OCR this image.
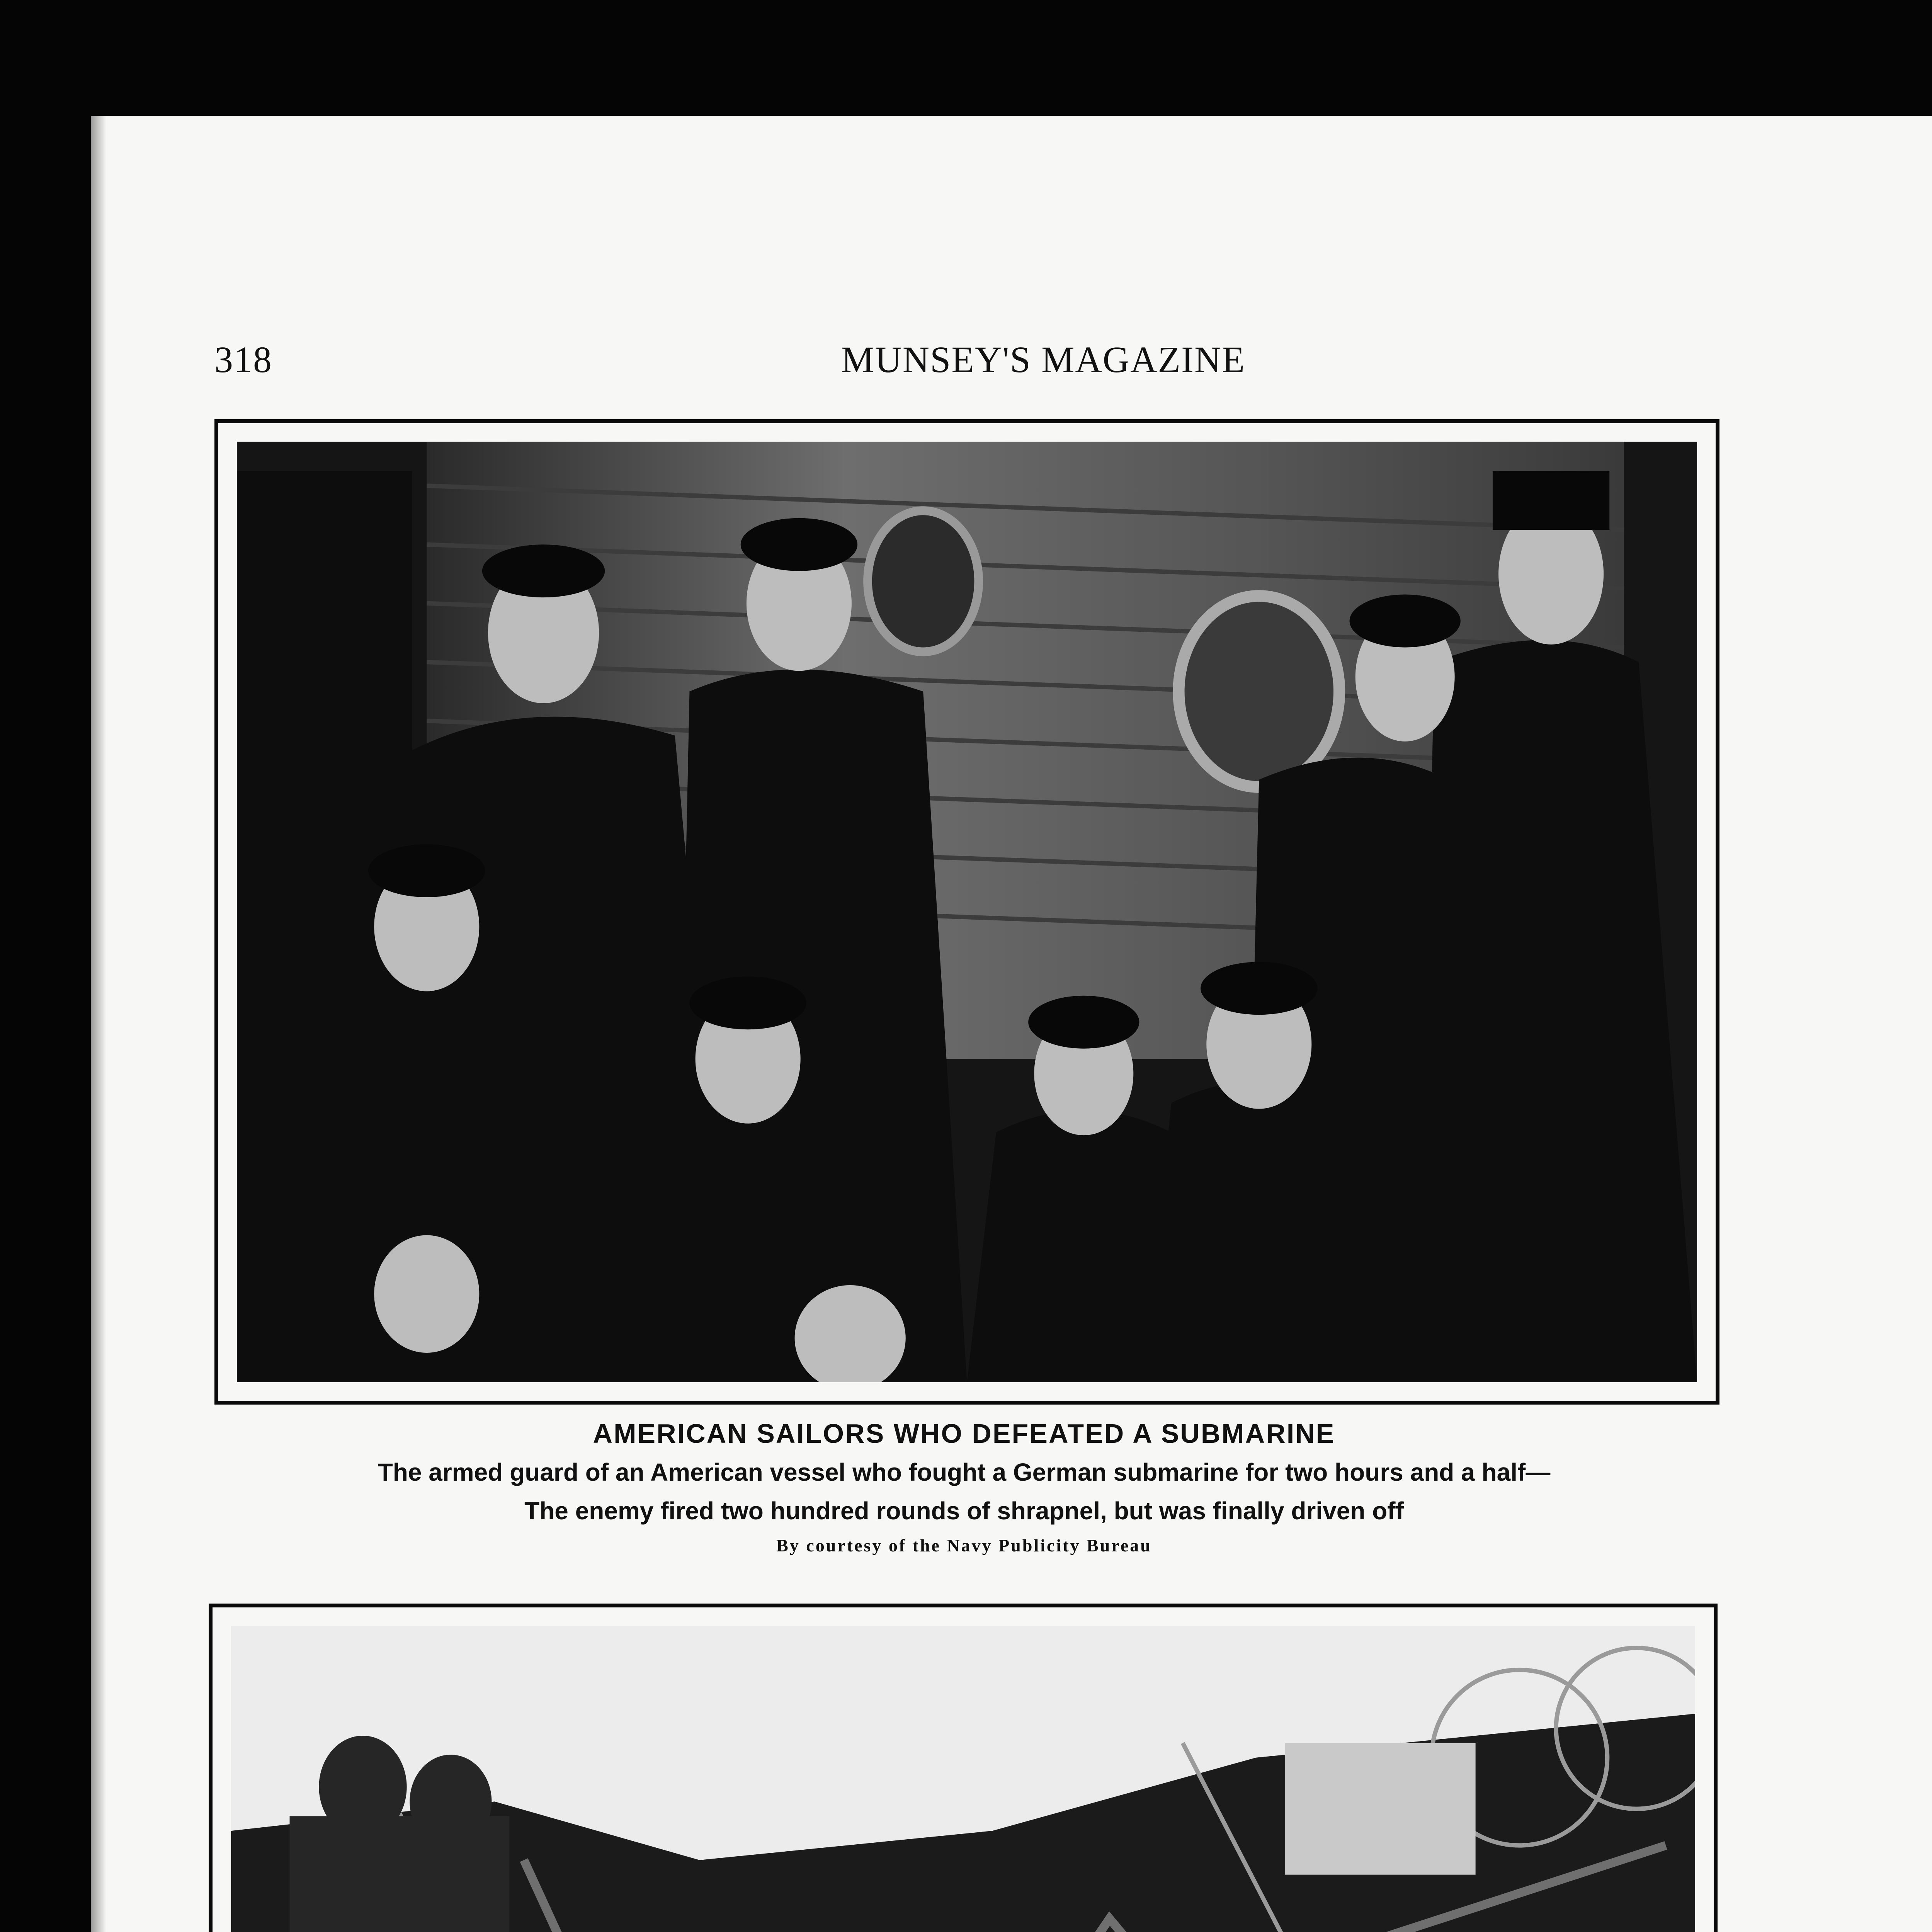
318	MUNSEY'S MAGAZINE
AMERICAN SAILORS WHO DEFEATED A SUBMARINE
The armed guard of an American vessel who fought a German submarine for two hours and a half—
The enemy fired two hundred rounds of shrapnel, but was finally driven off
By courtesy of the Navy Publicity Bureau
